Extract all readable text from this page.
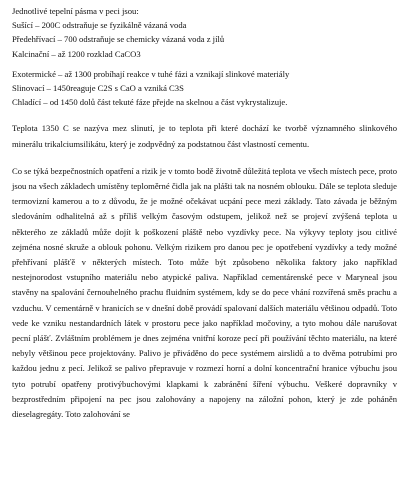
Jednotlivé tepelní pásma v peci jsou:

Sušící – 200C odstraňuje se fyzikálně vázaná voda

Předehřívací – 700 odstraňuje se chemicky vázaná voda z jílů

Kalcinační – až 1200 rozklad CaCO3

Exotermické – až 1300 probíhají reakce v tuhé fázi a vznikají slinkové materiály

Slinovací – 1450reaguje C2S s CaO a vzniká C3S

Chladící – od 1450 dolů část tekuté fáze přejde na skelnou a část vykrystalizuje.

Teplota 1350 C se nazýva mez slinutí, je to teplota při které dochází ke tvorbě významného slinkového minerálu trikalciumsilikátu, který je zodpvědný za podstatnou část vlastností cementu.

Co se týká bezpečnostních opatření a rizik je v tomto bodě životně důležitá teplota ve všech místech pece, proto jsou na všech základech umístěny teploměrné čidla jak na plášti tak na nosném oblouku. Dále se teplota sleduje termovizní kamerou a to z důvodu, že je možné očekávat ucpání pece mezi základy. Tato závada je běžným sledováním odhalitelná až s příliš velkým časovým odstupem, jelikož než se projeví zvýšená teplota u některého ze základů může dojít k poškození pláště nebo vyzdívky pece. Na výkyvy teploty jsou citlivé zejména nosné skruže a oblouk pohonu. Velkým rizikem pro danou pec je opotřebení vyzdívky a tedy možné přehřívaní plášťě v některých místech. Toto může být způsobeno několika faktory jako například nestejnorodost vstupního materiálu nebo atypické paliva. Například cementárenské pece v Maryneal jsou stavěny na spalování černouhelného prachu fluidním systémem, kdy se do pece vhání rozvířená směs prachu a vzduchu. V cementárně v hranicích se v dnešní době provádí spalovaní dalších materiálu většinou odpadů. Toto vede ke vzniku nestandardních látek v prostoru pece jako například močoviny, a tyto mohou dále narušovat pecní plášť. Zvláštním problémem je dnes zejména vnitřní koroze pecí při používání těchto materiálu, na které nebyly většinou pece projektovány. Palivo je přiváděno do pece systémem airslidů a to dvěma potrubími pro každou jednu z pecí. Jelikož se palivo přepravuje v rozmezí horní a dolní koncentrační hranice výbuchu jsou tyto potrubí opatřeny protivýbuchovými klapkami k zabránění šíření výbuchu. Veškeré dopravníky v bezprostředním připojení na pec jsou zalohovány a napojeny na záložní pohon, který je zde poháněn dieselagregáty. Toto zalohování se
